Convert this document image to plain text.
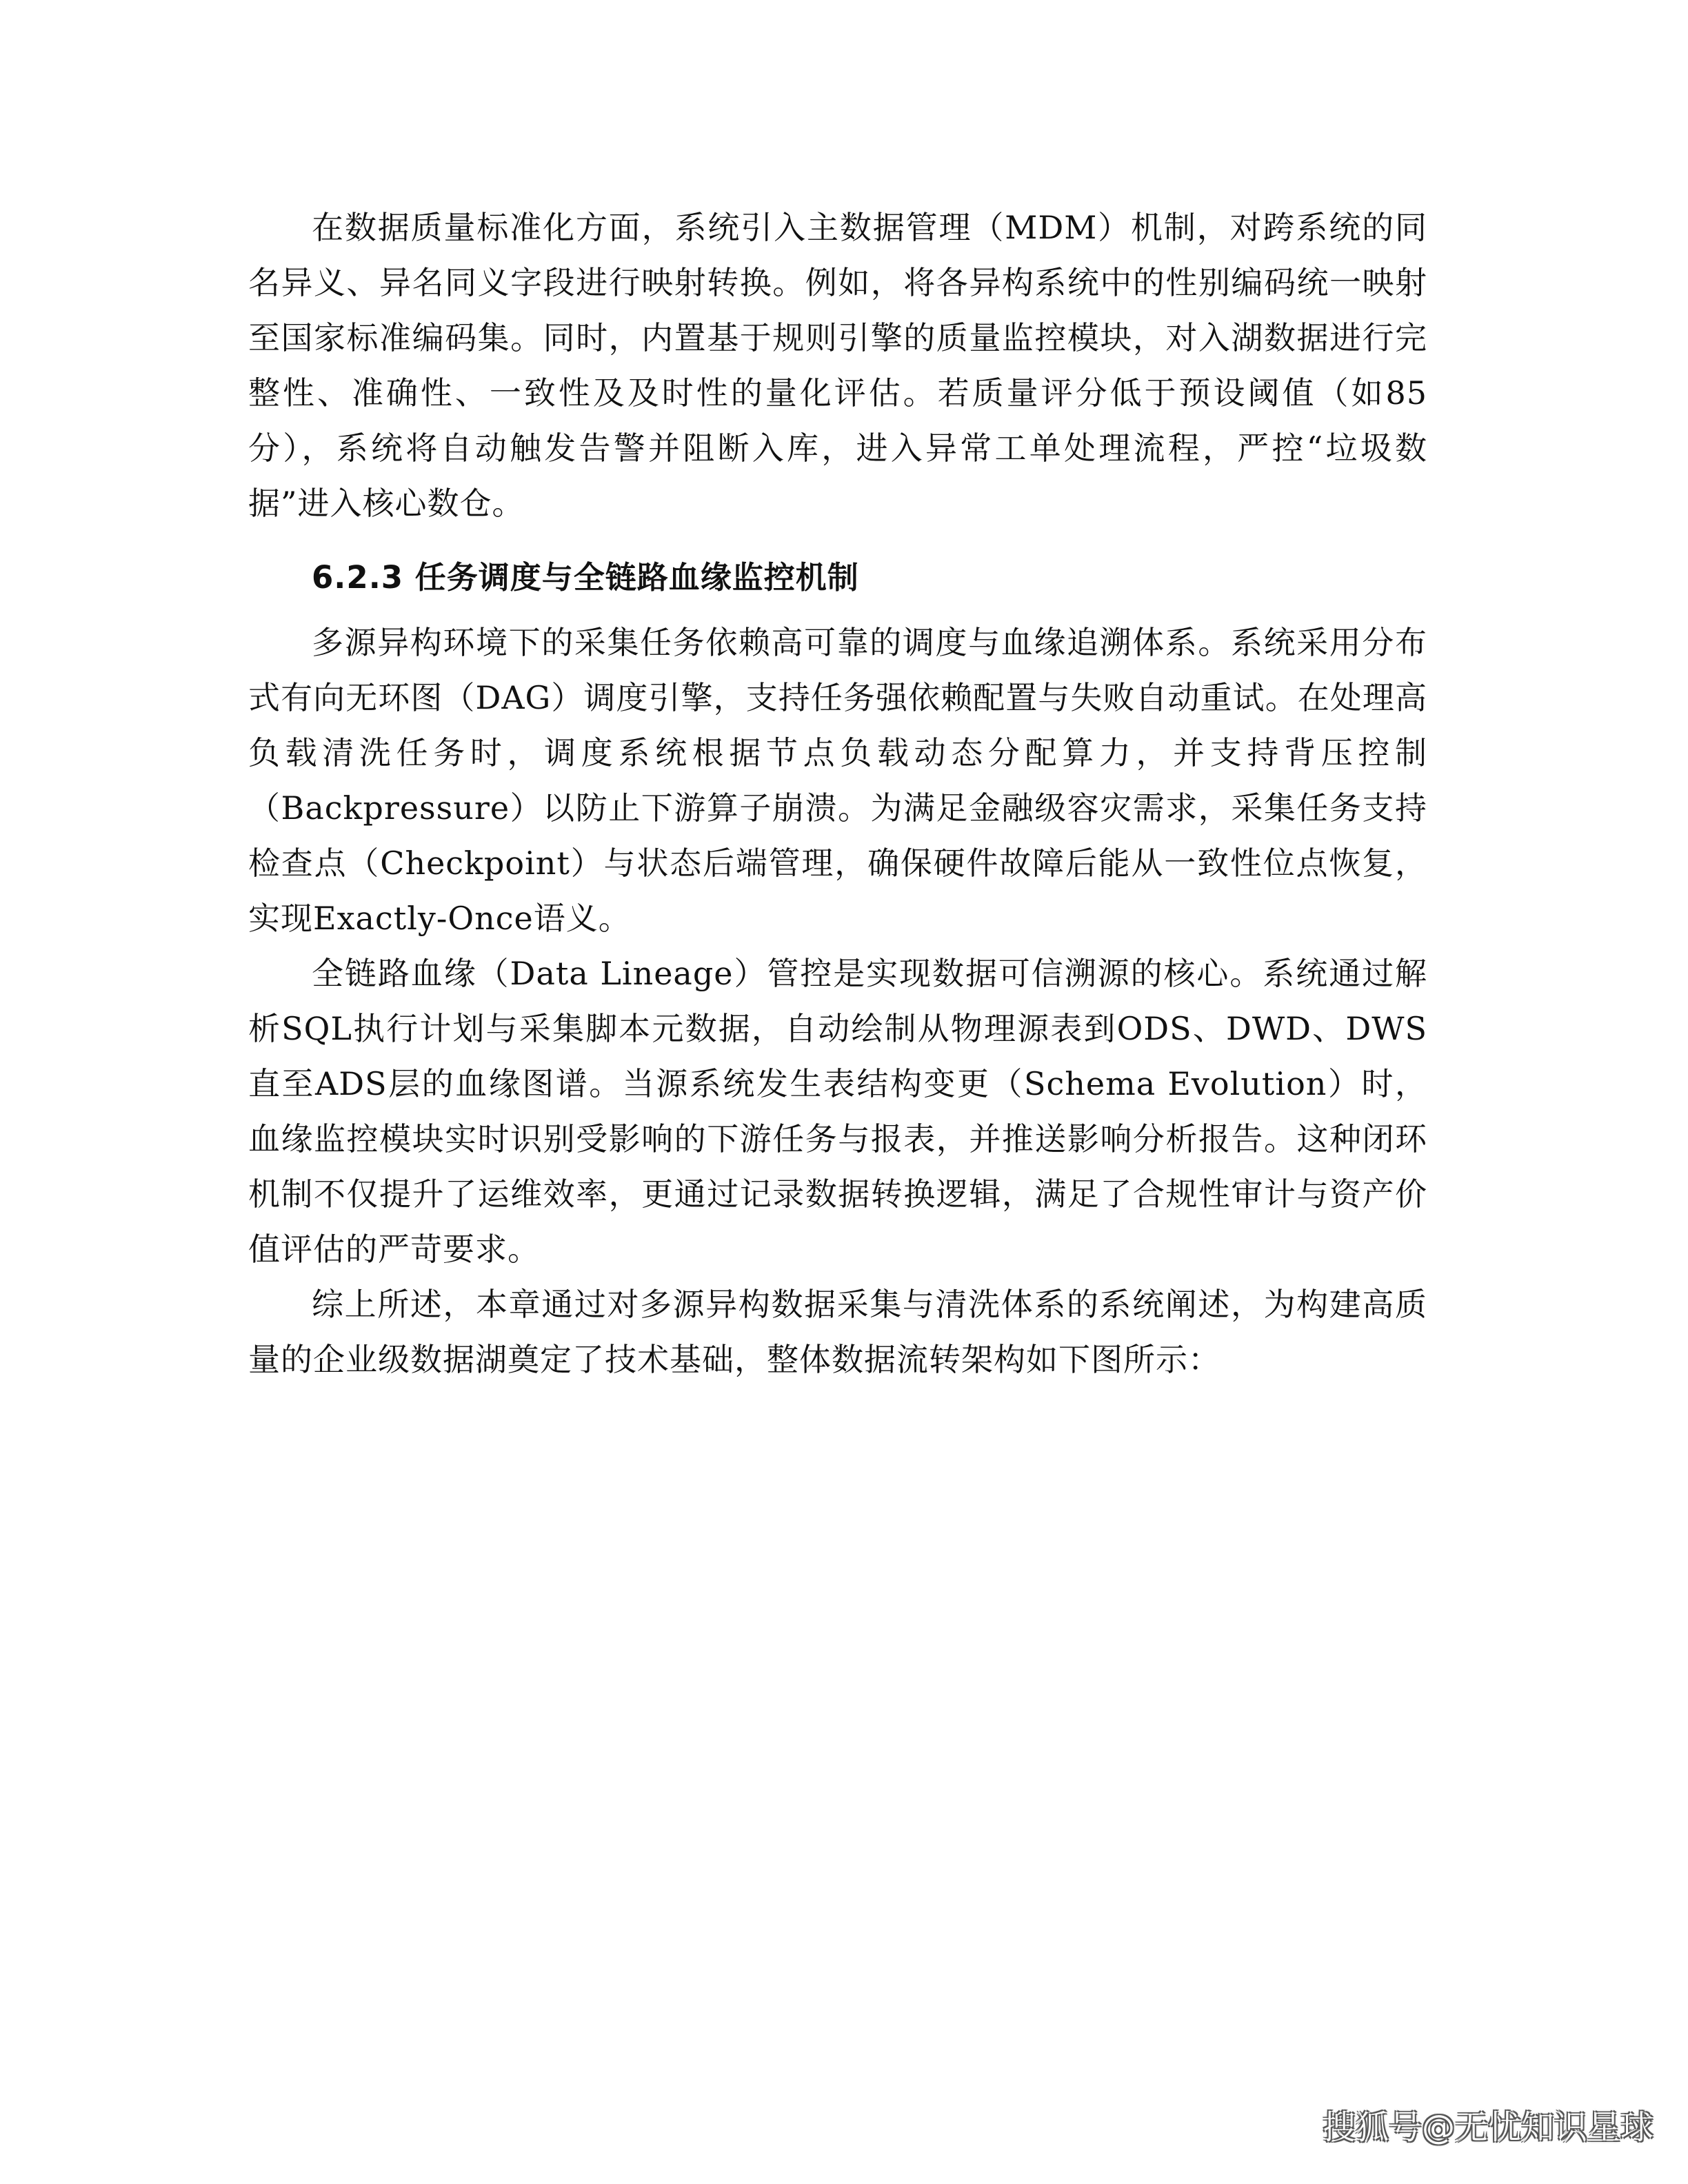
在数据质量标准化方面，系统引入主数据管理（MDM）机制，对跨系统的同名异义、异名同义字段进行映射转换。例如，将各异构系统中的性别编码统一映射至国家标准编码集。同时，内置基于规则引擎的质量监控模块，对入湖数据进行完整性、准确性、一致性及及时性的量化评估。若质量评分低于预设阈值（如85分），系统将自动触发告警并阻断入库，进入异常工单处理流程，严控“垃圾数据”进入核心数仓。

6.2.3 任务调度与全链路血缘监控机制

多源异构环境下的采集任务依赖高可靠的调度与血缘追溯体系。系统采用分布式有向无环图（DAG）调度引擎，支持任务强依赖配置与失败自动重试。在处理高负载清洗任务时，调度系统根据节点负载动态分配算力，并支持背压控制（Backpressure）以防止下游算子崩溃。为满足金融级容灾需求，采集任务支持检查点（Checkpoint）与状态后端管理，确保硬件故障后能从一致性位点恢复，实现Exactly-Once语义。

全链路血缘（Data Lineage）管控是实现数据可信溯源的核心。系统通过解析SQL执行计划与采集脚本元数据，自动绘制从物理源表到ODS、DWD、DWS直至ADS层的血缘图谱。当源系统发生表结构变更（Schema Evolution）时，血缘监控模块实时识别受影响的下游任务与报表，并推送影响分析报告。这种闭环机制不仅提升了运维效率，更通过记录数据转换逻辑，满足了合规性审计与资产价值评估的严苛要求。

综上所述，本章通过对多源异构数据采集与清洗体系的系统阐述，为构建高质量的企业级数据湖奠定了技术基础，整体数据流转架构如下图所示：

搜狐号@无忧知识星球
